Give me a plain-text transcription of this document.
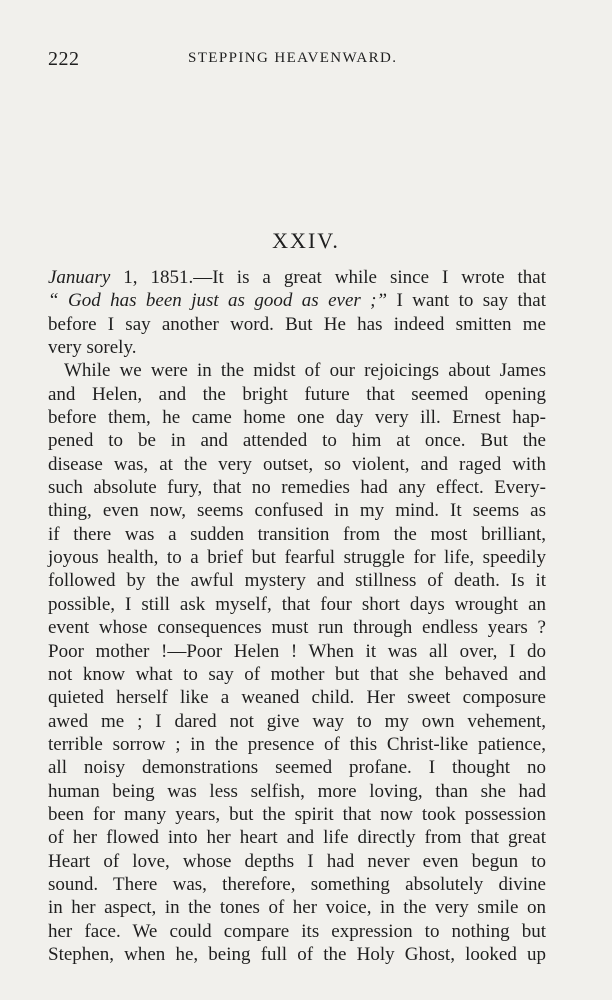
222	STEPPING HEAVENWARD.
XXIV.
January 1, 1851.—It is a great while since I wrote that
“ God has been just as good as ever ;” I want to say that
before I say another word. But He has indeed smitten me
very sorely.
While we were in the midst of our rejoicings about James
and Helen, and the bright future that seemed opening
before them, he came home one day very ill. Ernest hap-
pened to be in and attended to him at once. But the
disease was, at the very outset, so violent, and raged with
such absolute fury, that no remedies had any effect. Every-
thing, even now, seems confused in my mind. It seems as
if there was a sudden transition from the most brilliant,
joyous health, to a brief but fearful struggle for life, speedily
followed by the awful mystery and stillness of death. Is it
possible, I still ask myself, that four short days wrought an
event whose consequences must run through endless years ?
Poor mother !—Poor Helen ! When it was all over, I do
not know what to say of mother but that she behaved and
quieted herself like a weaned child. Her sweet composure
awed me ; I dared not give way to my own vehement,
terrible sorrow ; in the presence of this Christ-like patience,
all noisy demonstrations seemed profane. I thought no
human being was less selfish, more loving, than she had
been for many years, but the spirit that now took possession
of her flowed into her heart and life directly from that great
Heart of love, whose depths I had never even begun to
sound. There was, therefore, something absolutely divine
in her aspect, in the tones of her voice, in the very smile on
her face. We could compare its expression to nothing but
Stephen, when he, being full of the Holy Ghost, looked up
